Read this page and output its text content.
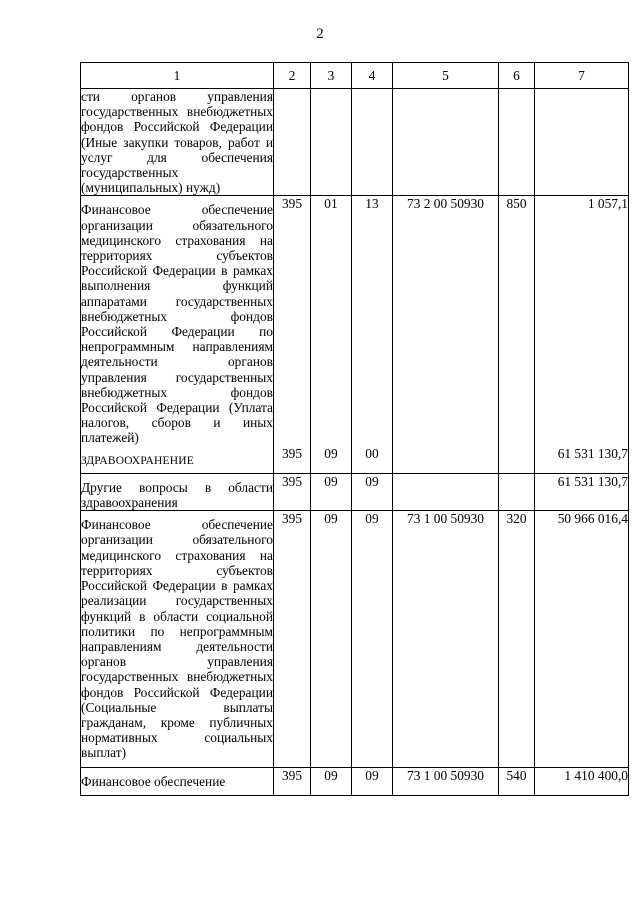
2
1	2	3	4	5	6	7
сти органов управления государственных внебюджетных фондов Российской Федерации (Иные закупки товаров, работ и услуг для обеспечения государственных (муниципальных) нужд)						
Финансовое обеспечение организации обязательного медицинского страхования на территориях субъектов Российской Федерации в рамках выполнения функций аппаратами государственных внебюджетных фондов Российской Федерации по непрограммным направлениям деятельности органов управления государственных внебюджетных фондов Российской Федерации (Уплата налогов, сборов и иных платежей)	395	01	13	73 2 00 50930	850	1 057,1
ЗДРАВООХРАНЕНИЕ	395	09	00			61 531 130,7
Другие вопросы в области здравоохранения	395	09	09			61 531 130,7
Финансовое обеспечение организации обязательного медицинского страхования на территориях субъектов Российской Федерации в рамках реализации государственных функций в области социальной политики по непрограммным направлениям деятельности органов управления государственных внебюджетных фондов Российской Федерации (Социальные выплаты гражданам, кроме публичных нормативных социальных выплат)	395	09	09	73 1 00 50930	320	50 966 016,4
Финансовое обеспечение	395	09	09	73 1 00 50930	540	1 410 400,0
